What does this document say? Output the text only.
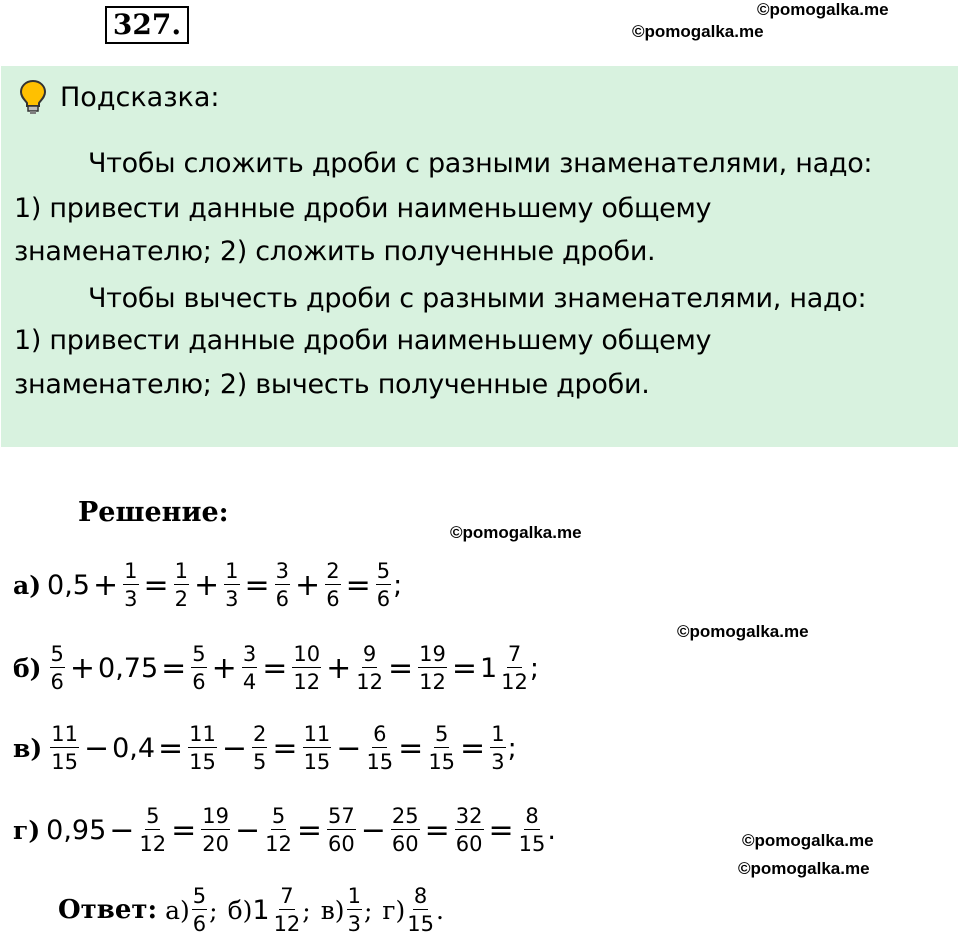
327.	©pomogalka.me
©pomogalka.me
Подсказка:
Чтобы сложить дроби с разными знаменателями, надо:
1) привести данные дроби наименьшему общему
знаменателю; 2) сложить полученные дроби.
Чтобы вычесть дроби с разными знаменателями, надо:
1) привести данные дроби наименьшему общему
знаменателю; 2) вычесть полученные дроби.
Решение:
©pomogalka.me
©pomogalka.me
©pomogalka.me
©pomogalka.me
а) $0,5 + \frac{1}{3} = \frac{1}{2} + \frac{1}{3} = \frac{3}{6} + \frac{2}{6} = \frac{5}{6}$ ;
$б) \frac{5}{6} + 0,75 = \frac{5}{6} + \frac{3}{4} = \frac{10}{12} + \frac{9}{12} = \frac{19}{12} = 1 \frac{7}{12}$ ;
$в) \frac{11}{15} - 0,4 = \frac{11}{15} - \frac{2}{5} = \frac{11}{15} - \frac{6}{15} = \frac{5}{15} = \frac{1}{3}$ ;
г) $0,95 - \frac{5}{12} = \frac{19}{20} - \frac{5}{12} = \frac{57}{60} - \frac{25}{60} = \frac{32}{60} = \frac{8}{15}$ .
Ответ: $а) \frac{5}{6}$ ; б) $1 \frac{7}{12}$ ; $в) \frac{1}{3}$ ; $г) \frac{8}{15}$ .
